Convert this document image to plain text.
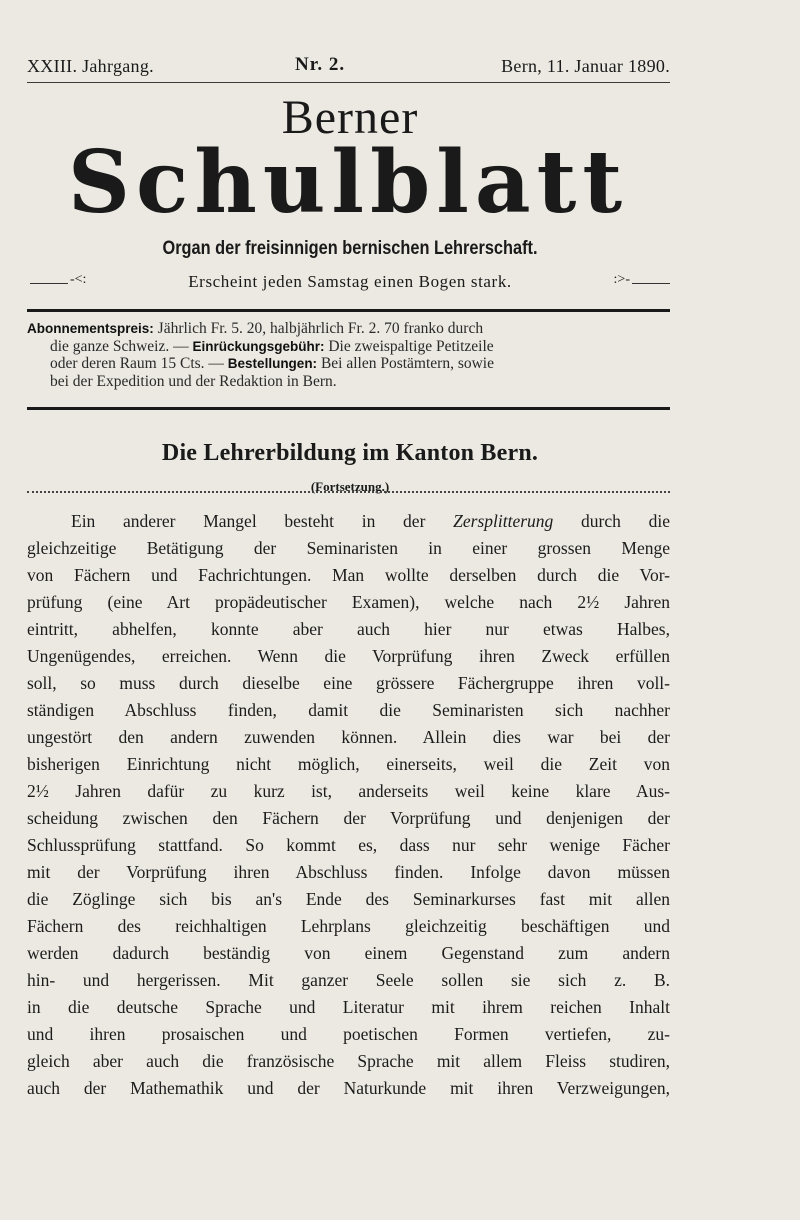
XXIII. Jahrgang.	Nr. 2.	Bern, 11. Januar 1890.
Berner
Schulblatt
Organ der freisinnigen bernischen Lehrerschaft.
-<:	Erscheint jeden Samstag einen Bogen stark.	:>-
Abonnementspreis: Jährlich Fr. 5. 20, halbjährlich Fr. 2. 70 franko durch
die ganze Schweiz. — Einrückungsgebühr: Die zweispaltige Petitzeile
oder deren Raum 15 Cts. — Bestellungen: Bei allen Postämtern, sowie
bei der Expedition und der Redaktion in Bern.
Die Lehrerbildung im Kanton Bern.
(Fortsetzung.)
Ein anderer Mangel besteht in der Zersplitterung durch die
gleichzeitige Betätigung der Seminaristen in einer grossen Menge
von Fächern und Fachrichtungen. Man wollte derselben durch die Vor-
prüfung (eine Art propädeutischer Examen), welche nach 2½ Jahren
eintritt, abhelfen, konnte aber auch hier nur etwas Halbes,
Ungenügendes, erreichen. Wenn die Vorprüfung ihren Zweck erfüllen
soll, so muss durch dieselbe eine grössere Fächergruppe ihren voll-
ständigen Abschluss finden, damit die Seminaristen sich nachher
ungestört den andern zuwenden können. Allein dies war bei der
bisherigen Einrichtung nicht möglich, einerseits, weil die Zeit von
2½ Jahren dafür zu kurz ist, anderseits weil keine klare Aus-
scheidung zwischen den Fächern der Vorprüfung und denjenigen der
Schlussprüfung stattfand. So kommt es, dass nur sehr wenige Fächer
mit der Vorprüfung ihren Abschluss finden. Infolge davon müssen
die Zöglinge sich bis an's Ende des Seminarkurses fast mit allen
Fächern des reichhaltigen Lehrplans gleichzeitig beschäftigen und
werden dadurch beständig von einem Gegenstand zum andern
hin- und hergerissen. Mit ganzer Seele sollen sie sich z. B.
in die deutsche Sprache und Literatur mit ihrem reichen Inhalt
und ihren prosaischen und poetischen Formen vertiefen, zu-
gleich aber auch die französische Sprache mit allem Fleiss studiren,
auch der Mathemathik und der Naturkunde mit ihren Verzweigungen,
